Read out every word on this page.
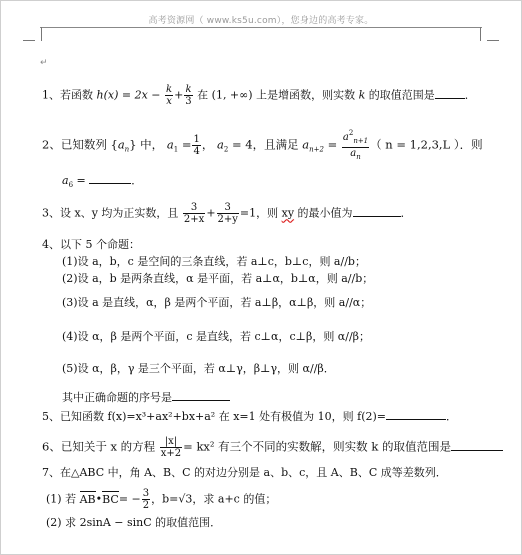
高考资源网（ www.ks5u.com），您身边的高考专家。
↵
1、若函数 $h(x) = 2x - \frac{k}{x} + \frac{k}{3}$ 在 (1, +∞) 上是增函数，则实数 k 的取值范围是	．
2、已知数列 $\{a_n\}$ 中， $a_1 = \frac{1}{4}$ ， $a_2 = 4$，且满足 $a_{n+2} = \frac{a^2_{n+1}}{a_n}$ （ n = 1,2,3,L ）．则
$a_6$ =	．
3、设 x、y 均为正实数，且 $\frac{3}{2+x} + \frac{3}{2+y} =1$，则 xy 的最小值为	．
4、以下 5 个命题：
(1)设 a，b，c 是空间的三条直线，若 a⊥c，b⊥c，则 a//b；
(2)设 a，b 是两条直线，α 是平面，若 a⊥α，b⊥α，则 a//b；
(3)设 a 是直线，α，β 是两个平面，若 a⊥β，α⊥β，则 a//α；
(4)设 α，β 是两个平面，c 是直线，若 c⊥α，c⊥β，则 α//β；
(5)设 α，β，γ 是三个平面，若 α⊥γ，β⊥γ，则 α//β．
其中正确命题的序号是
5、已知函数 f(x)=x³+ax²+bx+a² 在 x=1 处有极值为 10，则 f(2)=	．
6、已知关于 x 的方程 $\frac{|x|}{x+2} = kx^2$ 有三个不同的实数解，则实数 k 的取值范围是
7、在△ABC 中，角 A、B、C 的对边分别是 a、b、c，且 A、B、C 成等差数列．
(1) 若 AB•BC= − $\frac{3}{2}$ ，b=√3，求 a+c 的值；
(2) 求 2sinA − sinC 的取值范围．
